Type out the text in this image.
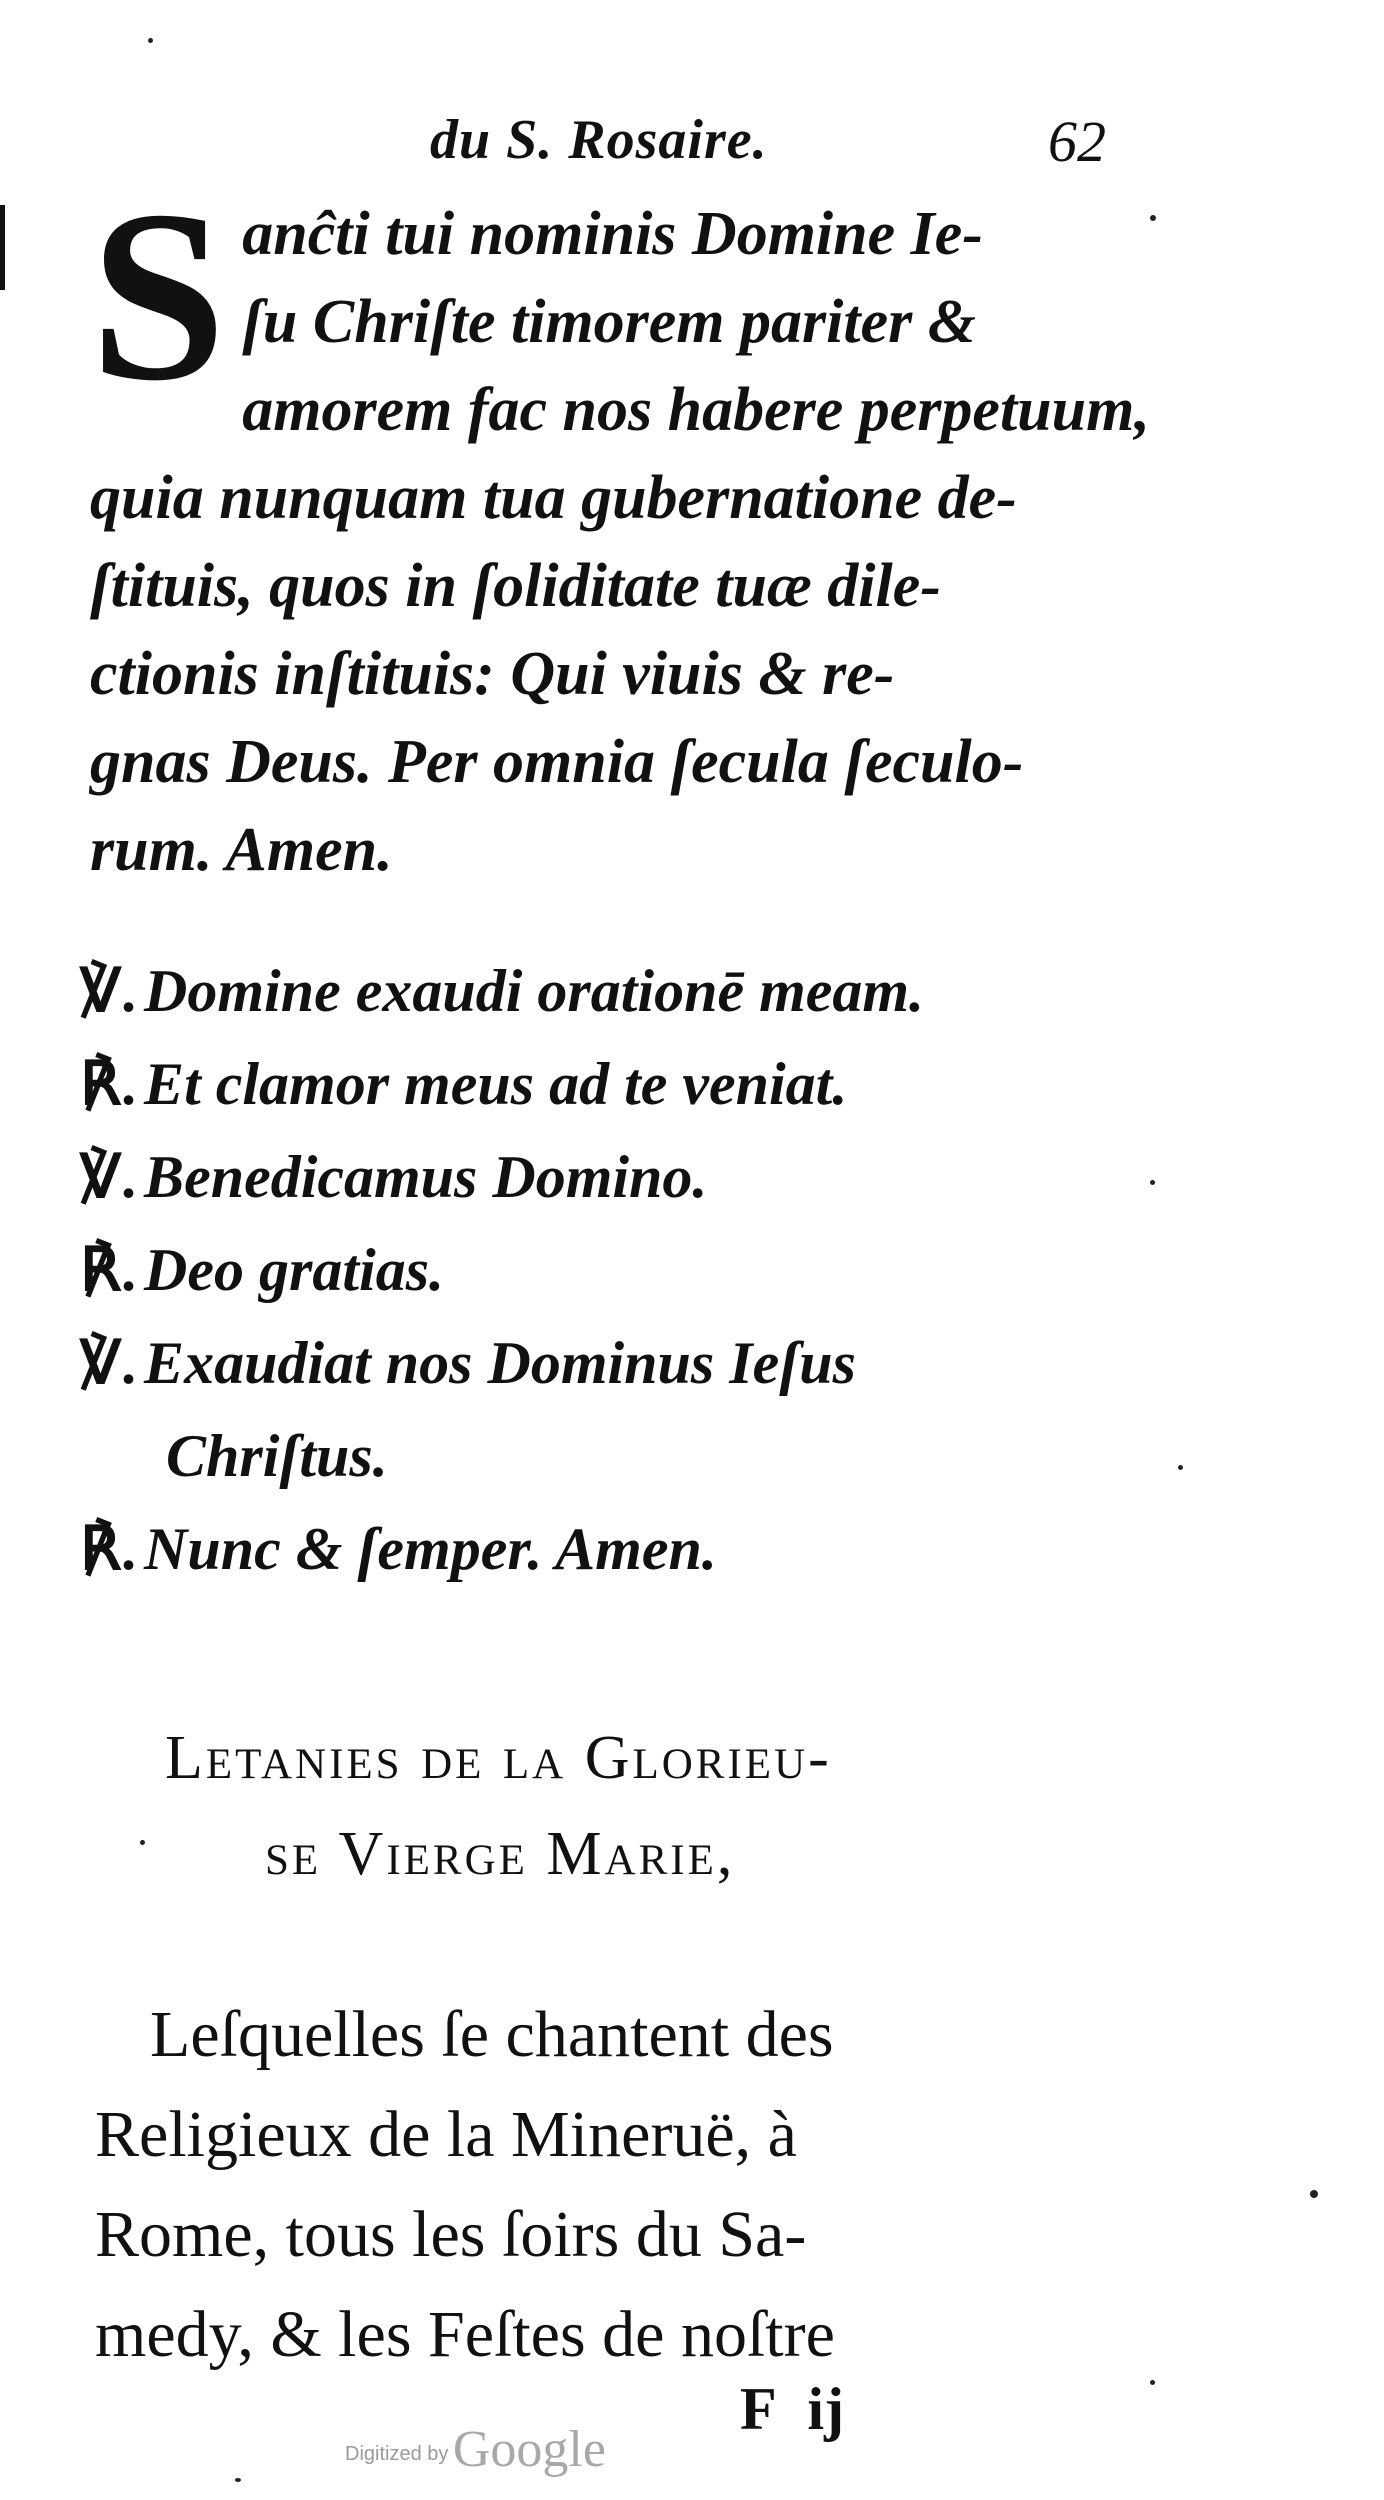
du S. Rosaire.	62
S anĉti tui nominis Domine Ie-
ſu Chriſte timorem pariter &
amorem fac nos habere perpetuum,
quia nunquam tua gubernatione de-
ſtituis, quos in ſoliditate tuæ dile-
ctionis inſtituis: Qui viuis & re-
gnas Deus. Per omnia ſecula ſeculo-
rum. Amen.
℣. Domine exaudi orationē meam.
℟. Et clamor meus ad te veniat.
℣. Benedicamus Domino.
℟. Deo gratias.
℣. Exaudiat nos Dominus Ieſus
Chriſtus.
℟. Nunc & ſemper. Amen.
Letanies de la Glorieu-
se Vierge Marie,
Leſquelles ſe chantent des
Religieux de la Mineruë, à
Rome, tous les ſoirs du Sa-
medy, & les Feſtes de noſtre
F ij
Digitized by Google
